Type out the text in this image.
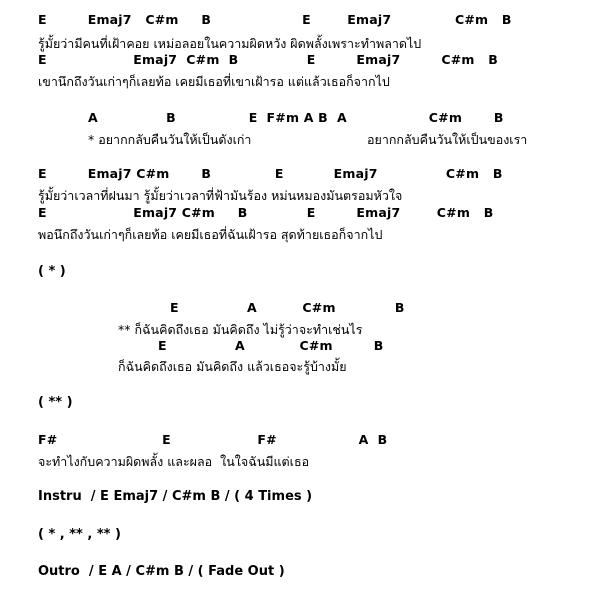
E         Emaj7   C#m     B                    E        Emaj7              C#m   B
รู้มั้ยว่ามีคนที่เฝ้าคอย เหม่อลอยในความผิดหวัง ผิดพลั้งเพราะทำพลาดไป
E                   Emaj7  C#m  B               E         Emaj7         C#m   B
เขานึกถึงวันเก่าๆก็เลยท้อ เคยมีเธอที่เขาเฝ้ารอ แต่แล้วเธอก็จากไป
A               B                E  F#m A B  A                  C#m       B
* อยากกลับคืนวันให้เป็นดังเก่า	อยากกลับคืนวันให้เป็นของเรา
E         Emaj7 C#m       B              E           Emaj7               C#m   B
รู้มั้ยว่าเวลาที่ฝนมา รู้มั้ยว่าเวลาที่ฟ้ามันร้อง หม่นหมองมันตรอมหัวใจ
E                   Emaj7 C#m     B             E         Emaj7        C#m   B
พอนึกถึงวันเก่าๆก็เลยท้อ เคยมีเธอที่ฉันเฝ้ารอ สุดท้ายเธอก็จากไป
( * )
E               A          C#m             B
** ก็ฉันคิดถึงเธอ มันคิดถึง ไม่รู้ว่าจะทำเช่นไร
E               A            C#m         B
ก็ฉันคิดถึงเธอ มันคิดถึง แล้วเธอจะรู้บ้างมั้ย
( ** )
F#                       E                   F#                  A  B
จะทำไงกับความผิดพลั้ง และผลอ  ในใจฉันมีแต่เธอ
Instru  / E Emaj7 / C#m B / ( 4 Times )
( * , ** , ** )
Outro  / E A / C#m B / ( Fade Out )
